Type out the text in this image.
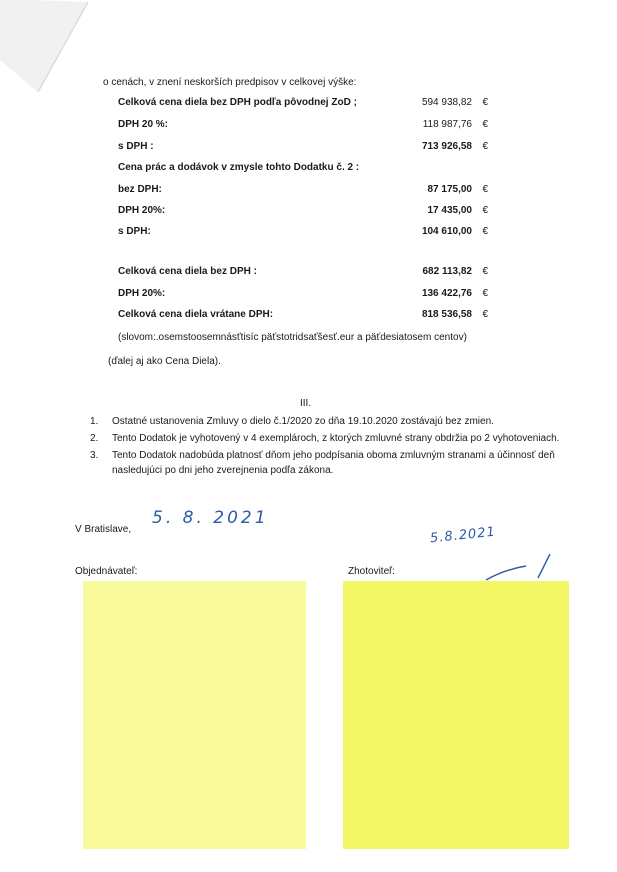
o cenách, v znení neskorších predpisov v celkovej výške:
Celková cena diela bez DPH podľa pôvodnej ZoD ;	594 938,82 €
DPH 20 %:	118 987,76 €
s DPH :	713 926,58 €
Cena prác a dodávok v zmysle tohto Dodatku č. 2 :
bez DPH:	87 175,00 €
DPH 20%:	17 435,00 €
s DPH:	104 610,00 €
Celková cena diela bez DPH :	682 113,82 €
DPH 20%:	136 422,76 €
Celková cena diela vrátane DPH:	818 536,58 €
(slovom:.osemstoosemnásťtisíc päťstotridsaťšesť.eur a päťdesiatosem centov)
(ďalej aj ako Cena Diela).
III.
1. Ostatné ustanovenia Zmluvy o dielo č.1/2020 zo dňa 19.10.2020 zostávajú bez zmien.
2. Tento Dodatok je vyhotovený v 4 exemplároch, z ktorých zmluvné strany obdržia po 2 vyhotoveniach.
3. Tento Dodatok nadobúda platnosť dňom jeho podpísania oboma zmluvným stranami a účinnosť deň nasledujúci po dni jeho zverejnenia podľa zákona.
V Bratislave,
5. 8. 2021
5.8.2021
Objednávateľ:	Zhotoviteľ:
